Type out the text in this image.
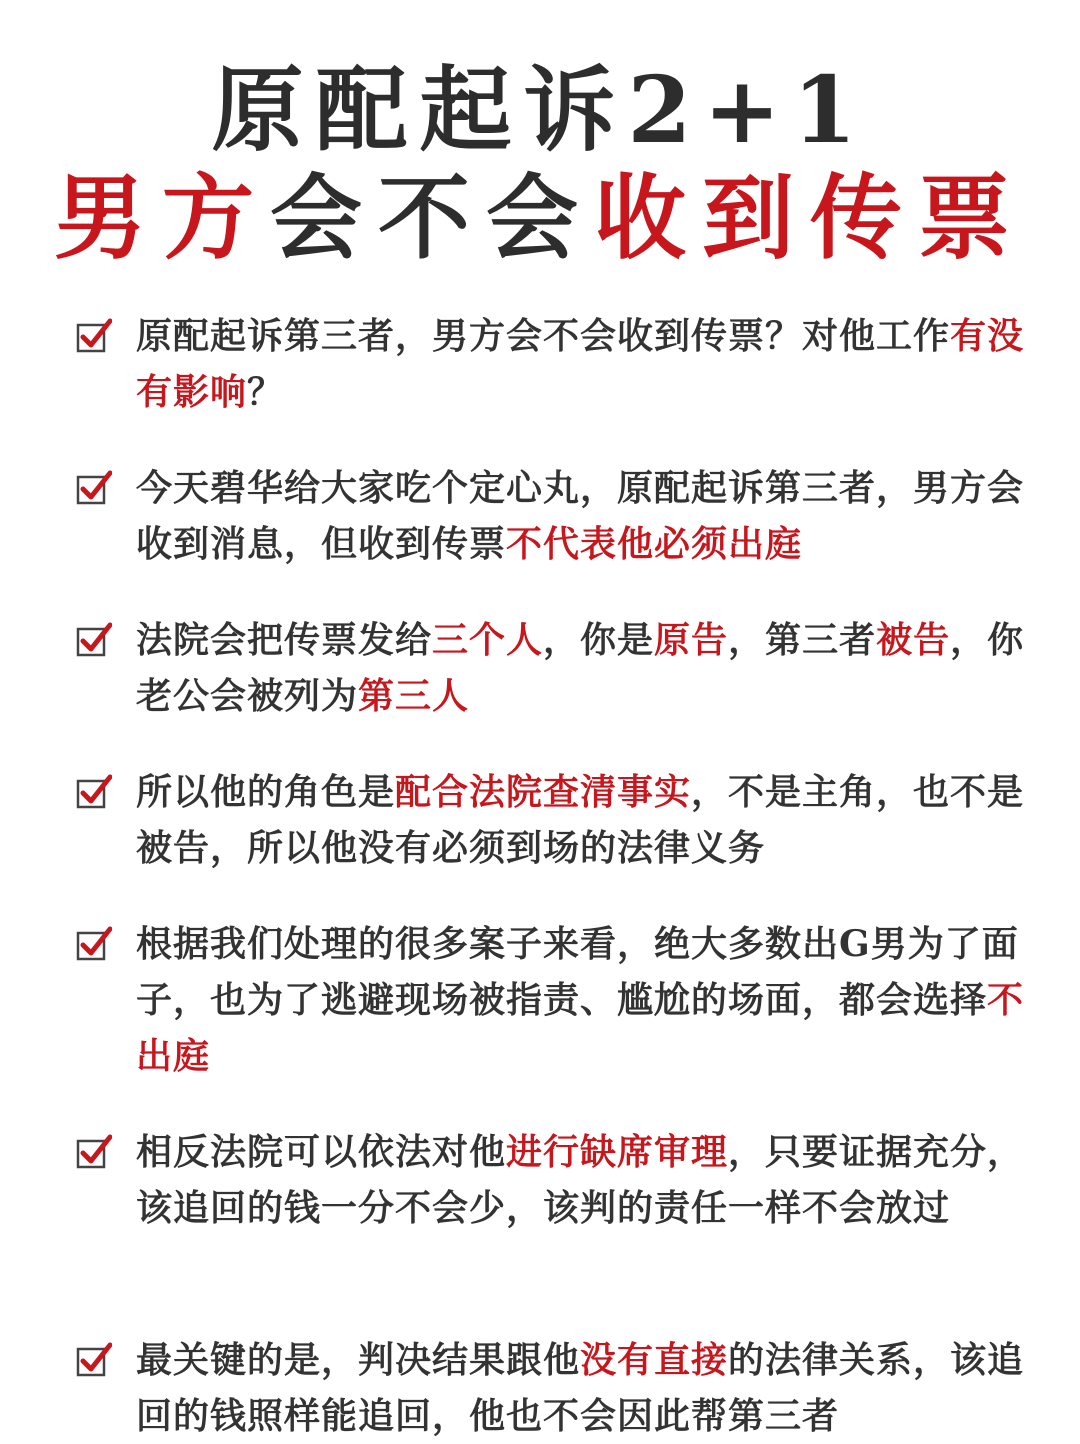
原配起诉2+1
男方会不会收到传票
原配起诉第三者，男方会不会收到传票？对他工作有没有影响？
今天碧华给大家吃个定心丸，原配起诉第三者，男方会收到消息，但收到传票不代表他必须出庭
法院会把传票发给三个人，你是原告，第三者被告，你老公会被列为第三人
所以他的角色是配合法院查清事实，不是主角，也不是被告，所以他没有必须到场的法律义务
根据我们处理的很多案子来看，绝大多数出G男为了面子，也为了逃避现场被指责、尴尬的场面，都会选择不出庭
相反法院可以依法对他进行缺席审理，只要证据充分，该追回的钱一分不会少，该判的责任一样不会放过
最关键的是，判决结果跟他没有直接的法律关系，该追回的钱照样能追回，他也不会因此帮第三者
